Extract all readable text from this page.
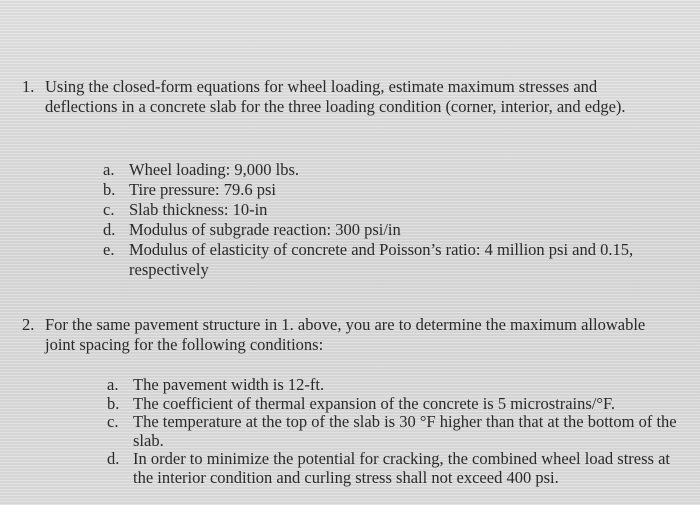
1. Using the closed-form equations for wheel loading, estimate maximum stresses and deflections in a concrete slab for the three loading condition (corner, interior, and edge).
a. Wheel loading: 9,000 lbs.
b. Tire pressure: 79.6 psi
c. Slab thickness: 10-in
d. Modulus of subgrade reaction: 300 psi/in
e. Modulus of elasticity of concrete and Poisson’s ratio: 4 million psi and 0.15, respectively
2. For the same pavement structure in 1. above, you are to determine the maximum allowable joint spacing for the following conditions:
a. The pavement width is 12-ft.
b. The coefficient of thermal expansion of the concrete is 5 microstrains/°F.
c. The temperature at the top of the slab is 30 °F higher than that at the bottom of the slab.
d. In order to minimize the potential for cracking, the combined wheel load stress at the interior condition and curling stress shall not exceed 400 psi.
